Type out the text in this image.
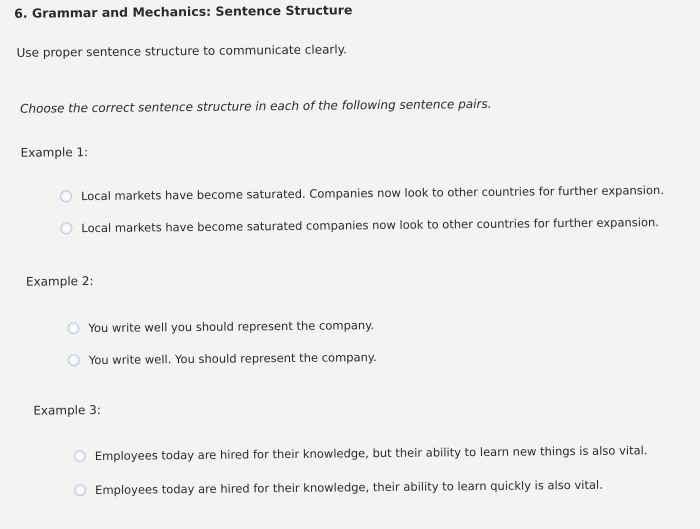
6. Grammar and Mechanics: Sentence Structure
Use proper sentence structure to communicate clearly.
Choose the correct sentence structure in each of the following sentence pairs.
Example 1:
Local markets have become saturated. Companies now look to other countries for further expansion.
Local markets have become saturated companies now look to other countries for further expansion.
Example 2:
You write well you should represent the company.
You write well. You should represent the company.
Example 3:
Employees today are hired for their knowledge, but their ability to learn new things is also vital.
Employees today are hired for their knowledge, their ability to learn quickly is also vital.
